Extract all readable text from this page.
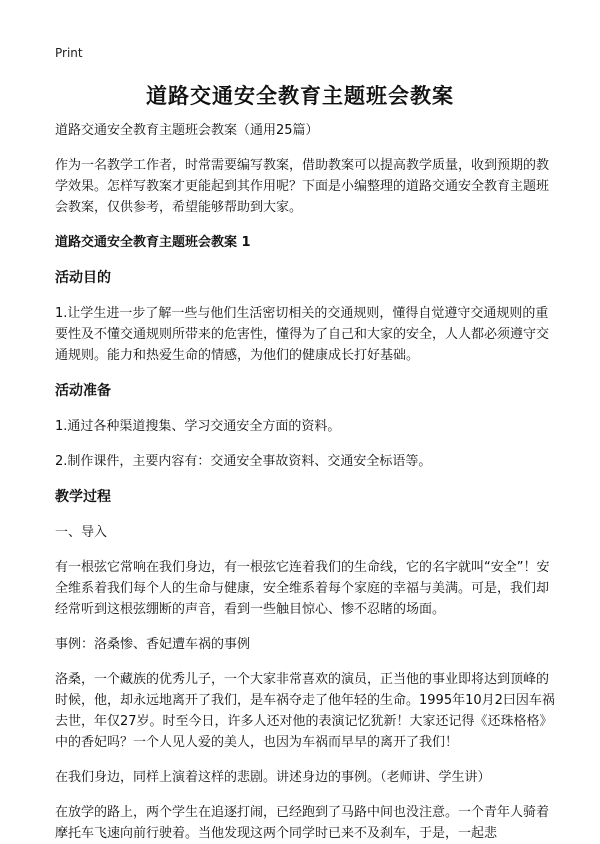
Print
道路交通安全教育主题班会教案

道路交通安全教育主题班会教案（通用25篇）

作为一名教学工作者，时常需要编写教案，借助教案可以提高教学质量，收到预期的教学效果。怎样写教案才更能起到其作用呢？下面是小编整理的道路交通安全教育主题班会教案，仅供参考，希望能够帮助到大家。

道路交通安全教育主题班会教案 1

活动目的

1.让学生进一步了解一些与他们生活密切相关的交通规则，懂得自觉遵守交通规则的重要性及不懂交通规则所带来的危害性，懂得为了自己和大家的安全，人人都必须遵守交通规则。能力和热爱生命的情感，为他们的健康成长打好基础。

活动准备

1.通过各种渠道搜集、学习交通安全方面的资料。

2.制作课件，主要内容有：交通安全事故资料、交通安全标语等。

教学过程

一、导入

有一根弦它常响在我们身边，有一根弦它连着我们的生命线，它的名字就叫“安全”！安全维系着我们每个人的生命与健康，安全维系着每个家庭的幸福与美满。可是，我们却经常听到这根弦绷断的声音，看到一些触目惊心、惨不忍睹的场面。

事例：洛桑惨、香妃遭车祸的事例

洛桑，一个藏族的优秀儿子，一个大家非常喜欢的演员，正当他的事业即将达到顶峰的时候，他，却永远地离开了我们，是车祸夺走了他年轻的生命。1995年10月2曰因车祸去世，年仅27岁。时至今日，许多人还对他的表演记忆犹新！大家还记得《还珠格格》中的香妃吗？一个人见人爱的美人，也因为车祸而早早的离开了我们！

在我们身边，同样上演着这样的悲剧。讲述身边的事例。（老师讲、学生讲）

在放学的路上，两个学生在追逐打闹，已经跑到了马路中间也没注意。一个青年人骑着摩托车飞速向前行驶着。当他发现这两个同学时已来不及刹车，于是，一起悲
